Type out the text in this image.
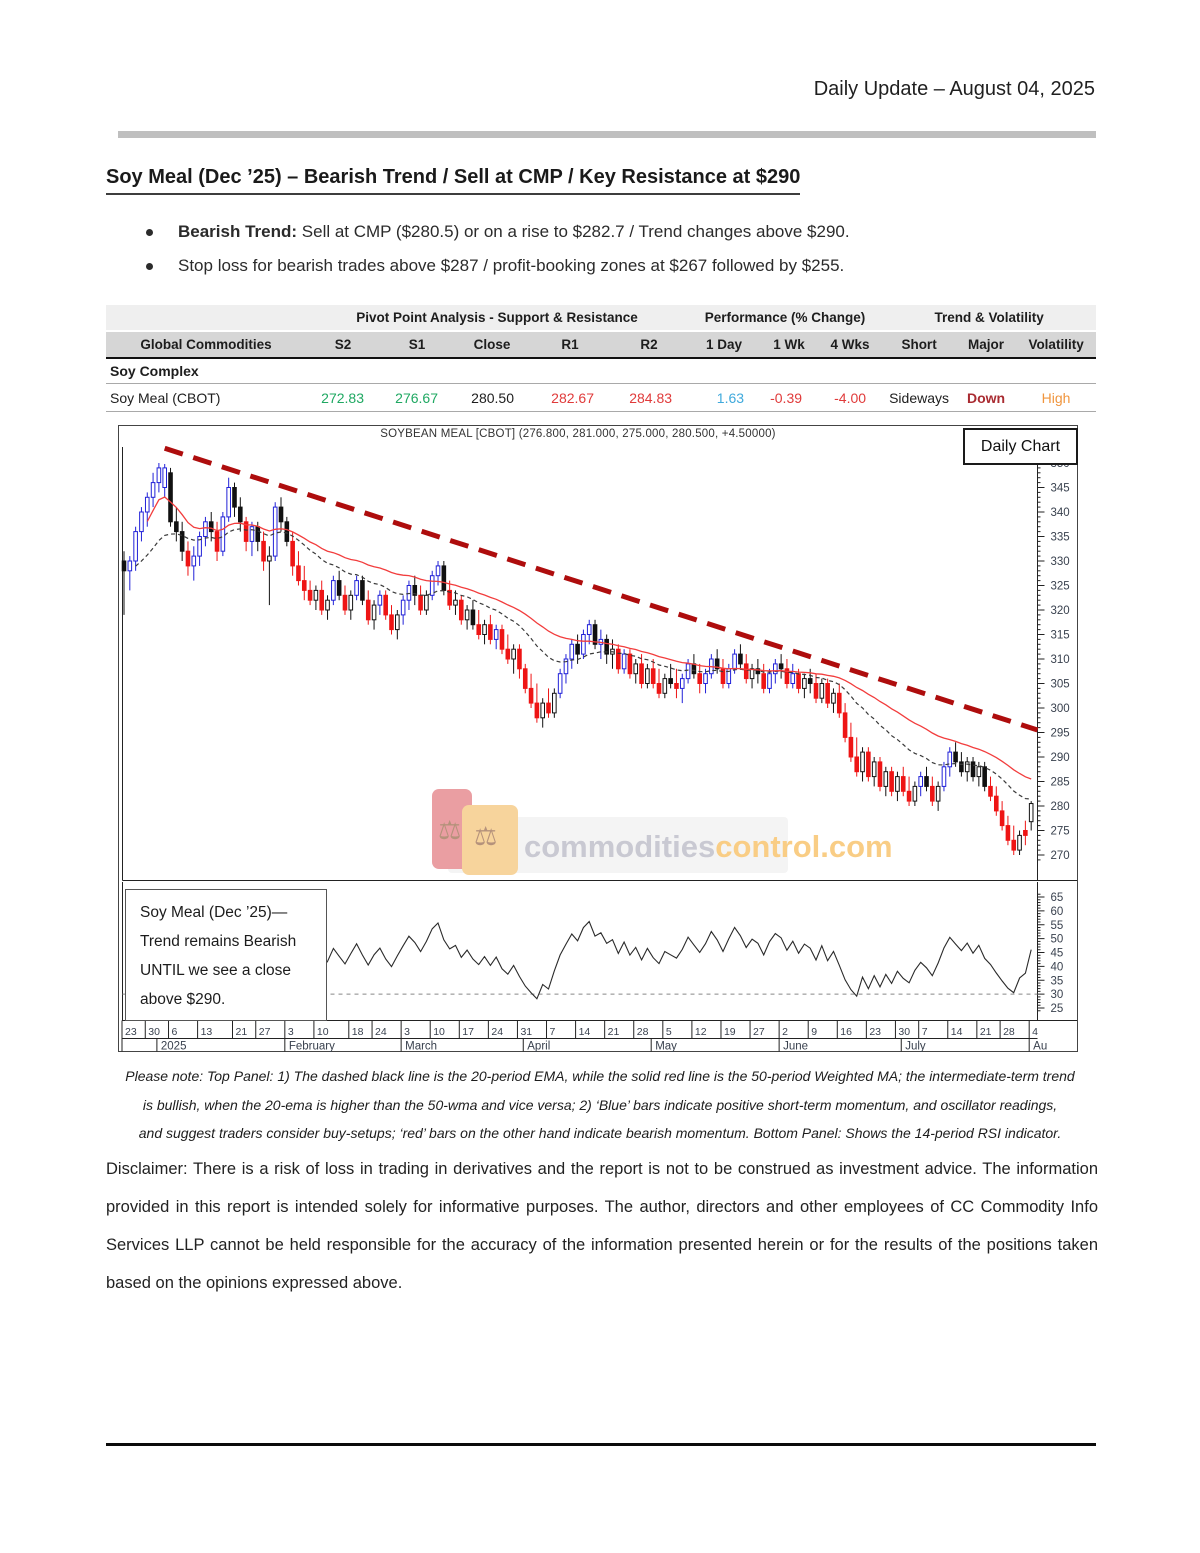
Daily Update – August 04, 2025
Soy Meal (Dec ’25) – Bearish Trend / Sell at CMP / Key Resistance at $290
Bearish Trend: Sell at CMP ($280.5) or on a rise to $282.7 / Trend changes above $290.
Stop loss for bearish trades above $287 / profit-booking zones at $267 followed by $255.
	Pivot Point Analysis - Support & Resistance					Performance (% Change)			Trend & Volatility		
Global Commodities	S2	S1	Close	R1	R2	1 Day	1 Wk	4 Wks	Short	Major	Volatility
Soy Complex											
Soy Meal (CBOT)	272.83	276.67	280.50	282.67	284.83	1.63	-0.39	-4.00	Sideways	Down	High
345
340
335
330
325
320
315
310
305
300
295
290
285
280
275
270
65
60
55
50
45
40
35
30
25
23 30 6 13 21 27 3 10 18 24 3 10 17 24 31 7 14 21 28 5 12 19 27 2 9 16 23 30 7 14 21 28 4
2025	February	March	April	May	June	July	Au
SOYBEAN MEAL [CBOT] (276.800, 281.000, 275.000, 280.500, +4.50000)
Daily Chart
Soy Meal (Dec ’25)—
Trend remains Bearish
UNTIL we see a close
above $290.
⚖ ⚖ commoditiescontrol.com
Please note: Top Panel: 1) The dashed black line is the 20-period EMA, while the solid red line is the 50-period Weighted MA; the intermediate-term trend
is bullish, when the 20-ema is higher than the 50-wma and vice versa; 2) ‘Blue’ bars indicate positive short-term momentum, and oscillator readings,
and suggest traders consider buy-setups; ‘red’ bars on the other hand indicate bearish momentum. Bottom Panel: Shows the 14-period RSI indicator.
Disclaimer: There is a risk of loss in trading in derivatives and the report is not to be construed as investment advice. The information provided in this report is intended solely for informative purposes. The author, directors and other employees of CC Commodity Info Services LLP cannot be held responsible for the accuracy of the information presented herein or for the results of the positions taken based on the opinions expressed above.
